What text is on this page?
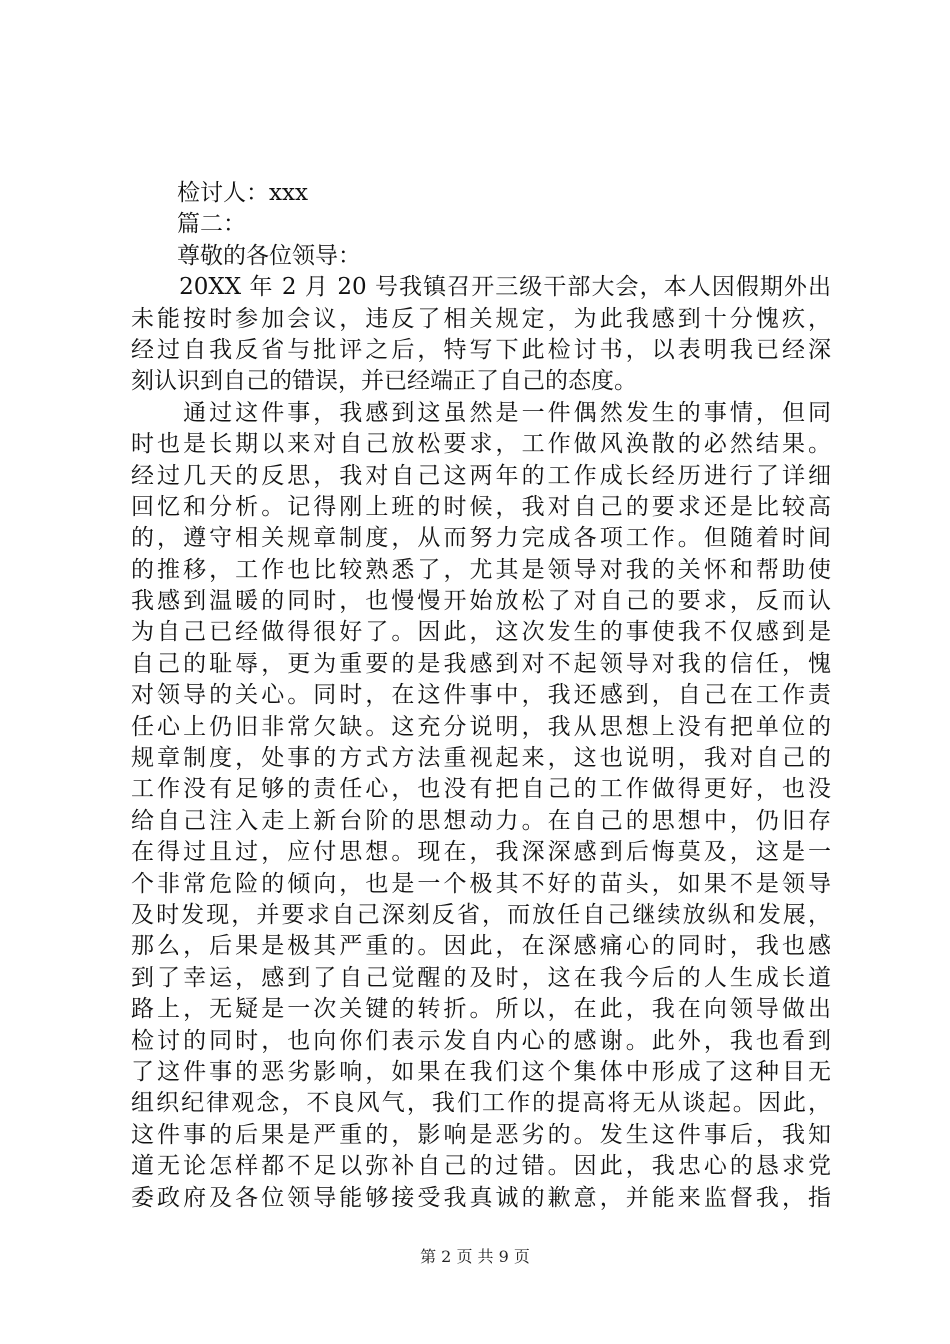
　　检讨人：xxx
　　篇二：
　　尊敬的各位领导：
　　20XX 年 2 月 20 号我镇召开三级干部大会，本人因假期外出
未能按时参加会议，违反了相关规定，为此我感到十分愧疚，
经过自我反省与批评之后，特写下此检讨书，以表明我已经深
刻认识到自己的错误，并已经端正了自己的态度。
　　通过这件事，我感到这虽然是一件偶然发生的事情，但同
时也是长期以来对自己放松要求，工作做风涣散的必然结果。
经过几天的反思，我对自己这两年的工作成长经历进行了详细
回忆和分析。记得刚上班的时候，我对自己的要求还是比较高
的，遵守相关规章制度，从而努力完成各项工作。但随着时间
的推移，工作也比较熟悉了，尤其是领导对我的关怀和帮助使
我感到温暖的同时，也慢慢开始放松了对自己的要求，反而认
为自己已经做得很好了。因此，这次发生的事使我不仅感到是
自己的耻辱，更为重要的是我感到对不起领导对我的信任，愧
对领导的关心。同时，在这件事中，我还感到，自己在工作责
任心上仍旧非常欠缺。这充分说明，我从思想上没有把单位的
规章制度，处事的方式方法重视起来，这也说明，我对自己的
工作没有足够的责任心，也没有把自己的工作做得更好，也没
给自己注入走上新台阶的思想动力。在自己的思想中，仍旧存
在得过且过，应付思想。现在，我深深感到后悔莫及，这是一
个非常危险的倾向，也是一个极其不好的苗头，如果不是领导
及时发现，并要求自己深刻反省，而放任自己继续放纵和发展，
那么，后果是极其严重的。因此，在深感痛心的同时，我也感
到了幸运，感到了自己觉醒的及时，这在我今后的人生成长道
路上，无疑是一次关键的转折。所以，在此，我在向领导做出
检讨的同时，也向你们表示发自内心的感谢。此外，我也看到
了这件事的恶劣影响，如果在我们这个集体中形成了这种目无
组织纪律观念，不良风气，我们工作的提高将无从谈起。因此，
这件事的后果是严重的，影响是恶劣的。发生这件事后，我知
道无论怎样都不足以弥补自己的过错。因此，我忠心的恳求党
委政府及各位领导能够接受我真诚的歉意，并能来监督我，指
第 2 页 共 9 页
